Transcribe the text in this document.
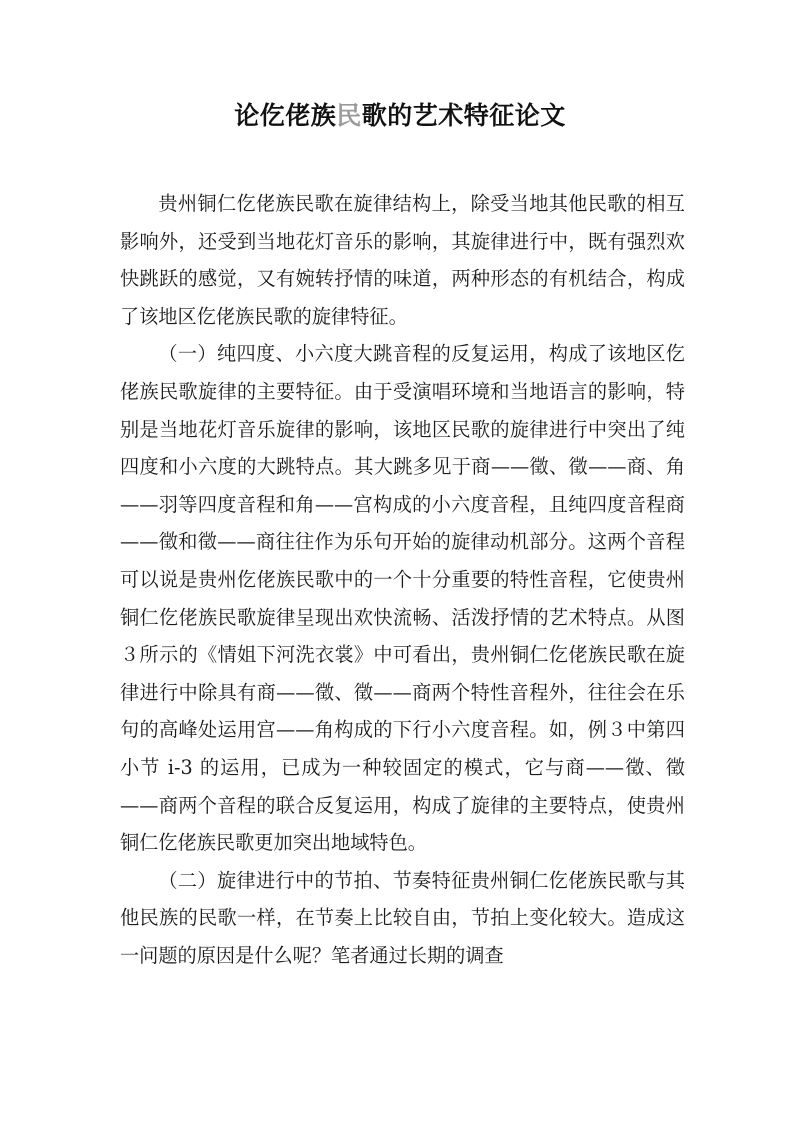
论仡佬族民歌的艺术特征论文

贵州铜仁仡佬族民歌在旋律结构上，除受当地其他民歌的相互影响外，还受到当地花灯音乐的影响，其旋律进行中，既有强烈欢快跳跃的感觉，又有婉转抒情的味道，两种形态的有机结合，构成了该地区仡佬族民歌的旋律特征。

（一）纯四度、小六度大跳音程的反复运用，构成了该地区仡佬族民歌旋律的主要特征。由于受演唱环境和当地语言的影响，特别是当地花灯音乐旋律的影响，该地区民歌的旋律进行中突出了纯四度和小六度的大跳特点。其大跳多见于商——徵、徵——商、角——羽等四度音程和角——宫构成的小六度音程，且纯四度音程商——徵和徵——商往往作为乐句开始的旋律动机部分。这两个音程可以说是贵州仡佬族民歌中的一个十分重要的特性音程，它使贵州铜仁仡佬族民歌旋律呈现出欢快流畅、活泼抒情的艺术特点。从图３所示的《情姐下河洗衣裳》中可看出，贵州铜仁仡佬族民歌在旋律进行中除具有商——徵、徵——商两个特性音程外，往往会在乐句的高峰处运用宫——角构成的下行小六度音程。如，例３中第四小节 i-3 的运用，已成为一种较固定的模式，它与商——徵、徵——商两个音程的联合反复运用，构成了旋律的主要特点，使贵州铜仁仡佬族民歌更加突出地域特色。

（二）旋律进行中的节拍、节奏特征贵州铜仁仡佬族民歌与其他民族的民歌一样，在节奏上比较自由，节拍上变化较大。造成这一问题的原因是什么呢？笔者通过长期的调查
